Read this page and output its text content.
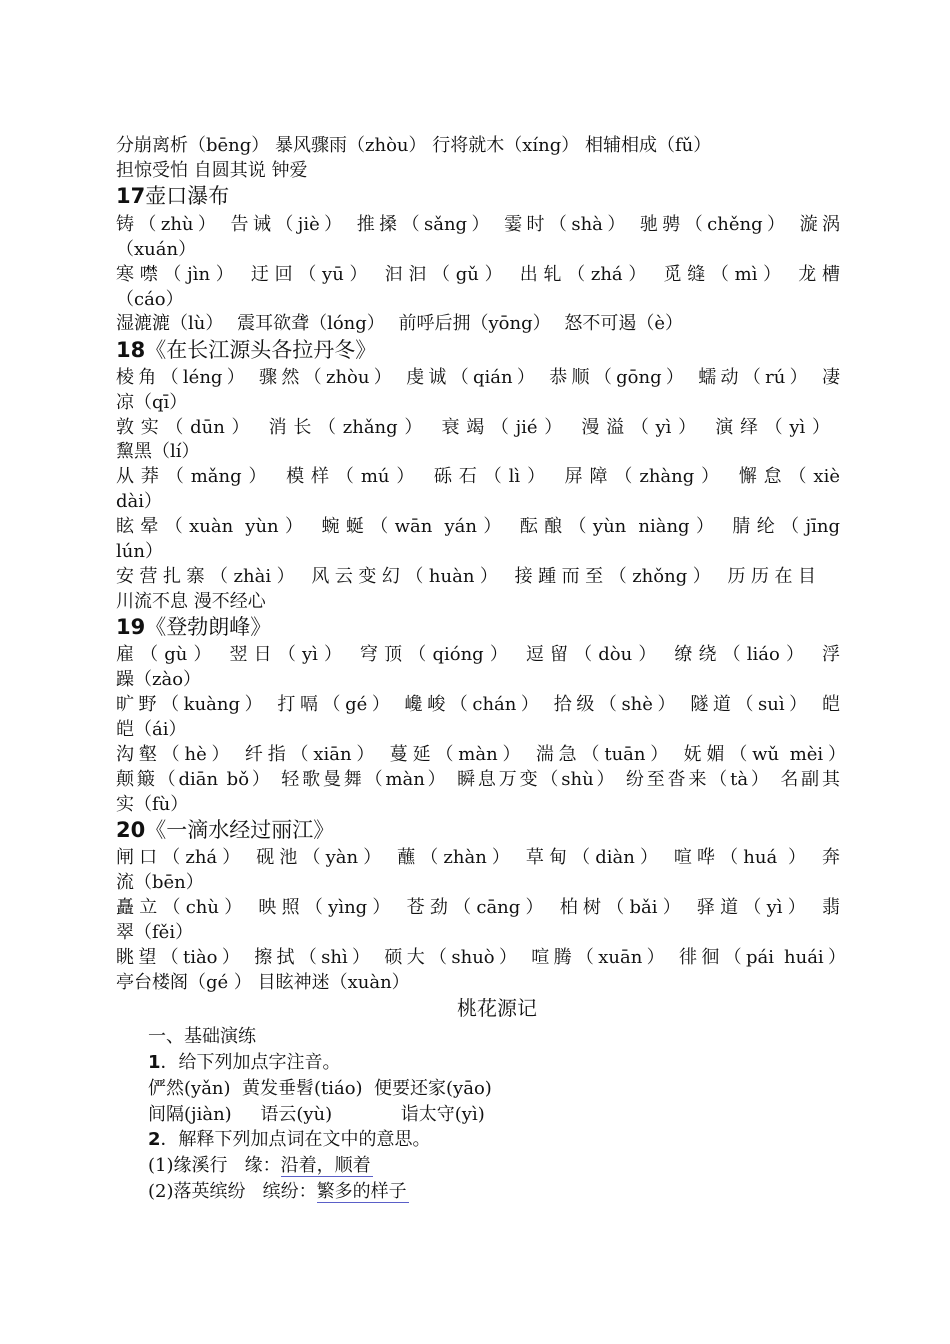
分崩离析（bēng） 暴风骤雨（zhòu） 行将就木（xíng） 相辅相成（fǔ）
担惊受怕 自圆其说 钟爱
17壶口瀑布
铸（zhù） 告诫（jiè） 推搡（sǎng） 霎时（shà） 驰骋（chěng） 漩涡
（xuán）
寒噤（jìn） 迂回（yū） 汩汩（gǔ） 出轧（zhá） 觅缝（mì） 龙槽
（cáo）
湿漉漉（lù） 震耳欲聋（lóng） 前呼后拥（yōng） 怒不可遏（è）
18《在长江源头各拉丹冬》
棱角（léng） 骤然（zhòu） 虔诚（qián） 恭顺（gōng） 蠕动（rú） 凄
凉（qī）
敦实（dūn） 消长（zhǎng） 衰竭（jié） 漫溢（yì） 演绎（yì）
黧黑（lí）
从莽（mǎng） 模样（mú） 砾石（lì） 屏障（zhàng） 懈怠（xiè
dài）
眩晕（xuàn yùn） 蜿蜒（wān yán） 酝酿（yùn niàng） 腈纶（jīng
lún）
安营扎寨（zhài） 风云变幻（huàn） 接踵而至（zhǒng） 历历在目
川流不息 漫不经心
19《登勃朗峰》
雇（gù） 翌日（yì） 穹顶（qióng） 逗留（dòu） 缭绕（liáo） 浮
躁（zào）
旷野（kuàng） 打嗝（gé） 巉峻（chán） 拾级（shè） 隧道（suì） 皑
皑（ái）
沟壑（hè） 纤指（xiān） 蔓延（màn） 湍急（tuān） 妩媚（wǔ mèi）
颠簸（diān bǒ） 轻歌曼舞（màn） 瞬息万变（shù） 纷至沓来（tà） 名副其
实（fù）
20《一滴水经过丽江》
闸口（zhá） 砚池（yàn） 蘸（zhàn） 草甸（diàn） 喧哗（huá ） 奔
流（bēn）
矗立（chù） 映照（yìng） 苍劲（cāng） 柏树（bǎi） 驿道（yì） 翡
翠（fěi）
眺望（tiào） 擦拭（shì） 硕大（shuò） 喧腾（xuān） 徘徊（pái huái）
亭台楼阁（gé ） 目眩神迷（xuàn）
桃花源记
一、基础演练
1．给下列加点字注音。
俨然(yǎn)  黄发垂髫(tiáo)  便要还家(yāo)
间隔(jiàn)     语云(yù)            诣太守(yì)
2．解释下列加点词在文中的意思。
(1)缘溪行   缘：沿着，顺着
(2)落英缤纷   缤纷：繁多的样子
